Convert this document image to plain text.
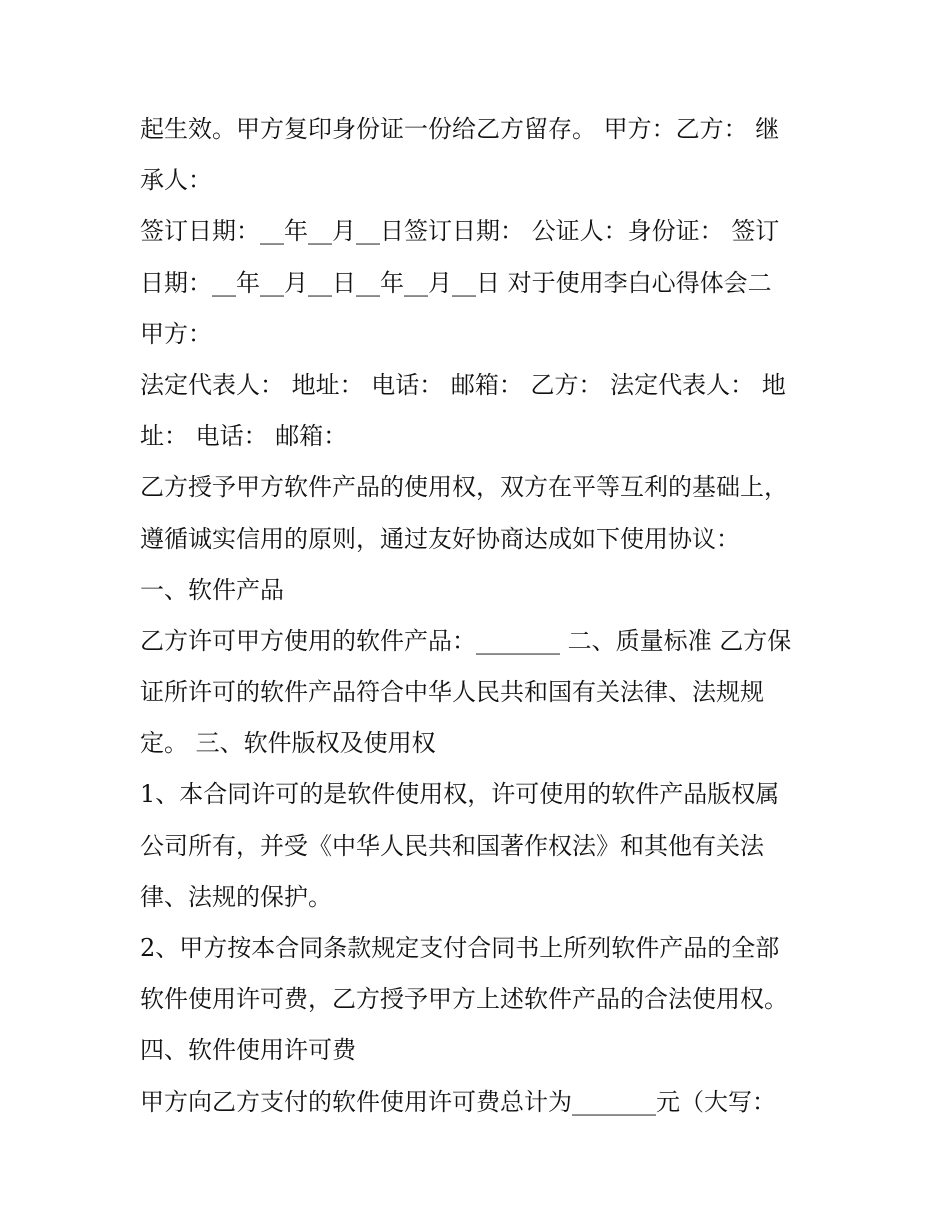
起生效。甲方复印身份证一份给乙方留存。 甲方：乙方： 继
承人：
签订日期：__年__月__日签订日期： 公证人：身份证： 签订
日期：__年__月__日__年__月__日 对于使用李白心得体会二
甲方：
法定代表人： 地址： 电话： 邮箱： 乙方： 法定代表人： 地
址： 电话： 邮箱：
乙方授予甲方软件产品的使用权，双方在平等互利的基础上，
遵循诚实信用的原则，通过友好协商达成如下使用协议：
一、软件产品
乙方许可甲方使用的软件产品：_______ 二、质量标准 乙方保
证所许可的软件产品符合中华人民共和国有关法律、法规规
定。 三、软件版权及使用权
1、本合同许可的是软件使用权，许可使用的软件产品版权属
公司所有，并受《中华人民共和国著作权法》和其他有关法
律、法规的保护。
2、甲方按本合同条款规定支付合同书上所列软件产品的全部
软件使用许可费，乙方授予甲方上述软件产品的合法使用权。
四、软件使用许可费
甲方向乙方支付的软件使用许可费总计为_______元（大写：
